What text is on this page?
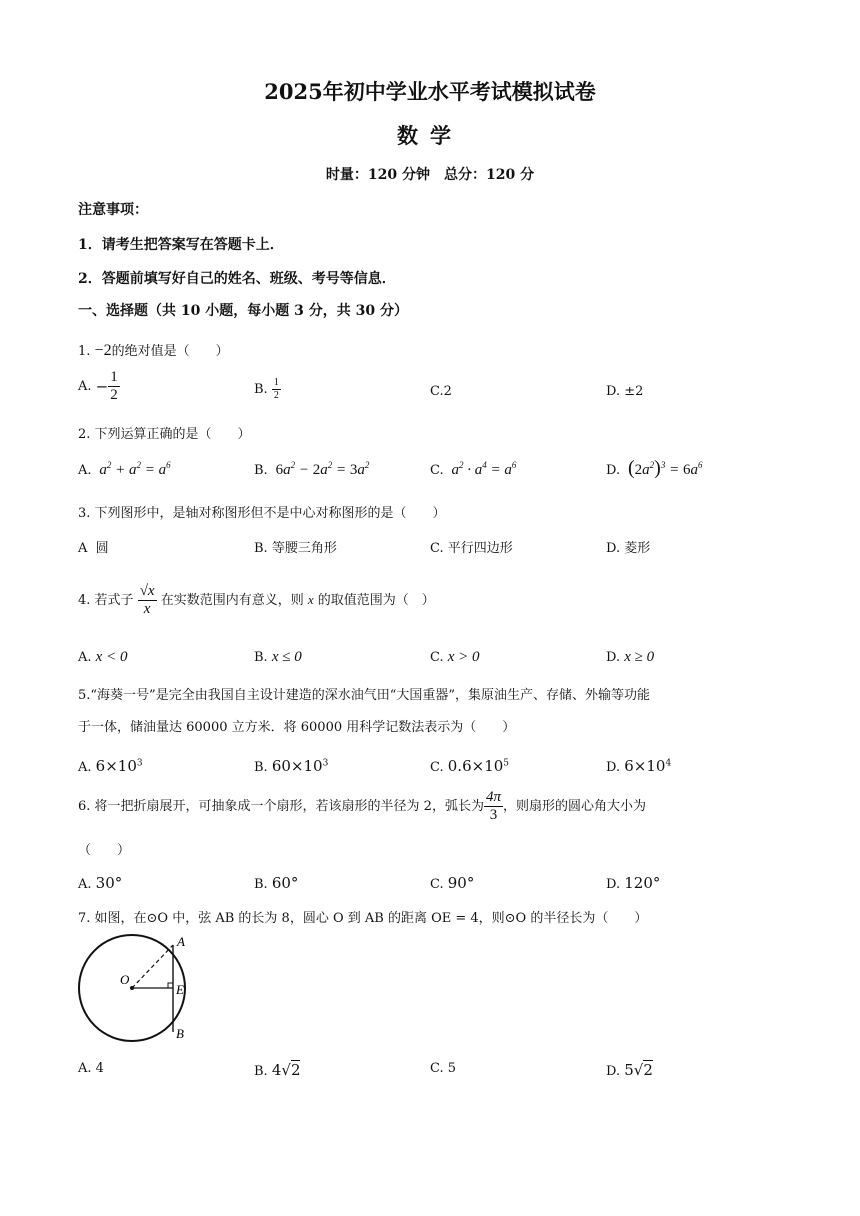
2025年初中学业水平考试模拟试卷
数学
时量：120 分钟　总分：120 分
注意事项：
1．请考生把答案写在答题卡上．
2．答题前填写好自己的姓名、班级、考号等信息．
一、选择题（共 10 小题，每小题 3 分，共 30 分）
1. −2的绝对值是（　　）
A. − $\frac{1}{2}$	B. $\frac{1}{2}$	C.2	D. ±2
2. 下列运算正确的是（　　）
A.  $a^2 + a^2 = a^6$	B. $6a^2 - 2a^2 = 3a^2$	C.  $a^2 \cdot a^4 = a^6$	D. $(2a^2)^3 = 6a^6$
3. 下列图形中，是轴对称图形但不是中心对称图形的是（　　）
A 圆	B. 等腰三角形	C. 平行四边形	D. 菱形
4. 若式子 $\frac{√x}{x}$ 在实数范围内有意义，则 x 的取值范围为（　）
A. x < 0	B. x ≤ 0	C. x > 0	D. x ≥ 0
5.“海葵一号”是完全由我国自主设计建造的深水油气田“大国重器”，集原油生产、存储、外输等功能
于一体，储油量达 60000 立方米．将 60000 用科学记数法表示为（　　）
A. $6\times 10^3$	B. $60\times 10^3$	C. $0.6\times 10^5$	D. $6\times 10^4$
6. 将一把折扇展开，可抽象成一个扇形，若该扇形的半径为 2，弧长为 $\frac{4\pi}{3}$ ，则扇形的圆心角大小为
（　　）
A. 30°	B. 60°	C. 90°	D. 120°
7. 如图，在⊙O 中，弦 AB 的长为 8，圆心 O 到 AB 的距离 OE = 4，则⊙O 的半径长为（　　）
A
O
E
B
A. 4	B. 4√2	C. 5	D. 5√2
